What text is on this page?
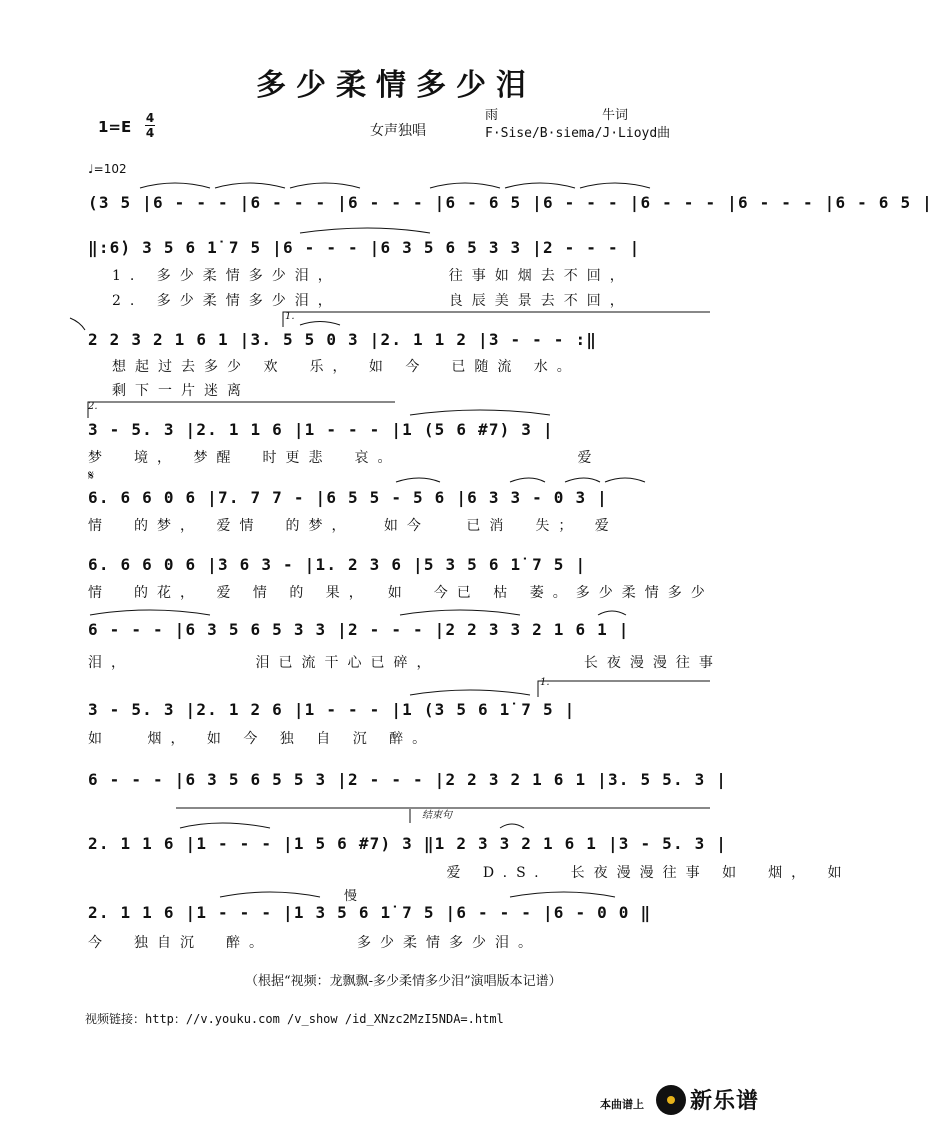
多少柔情多少泪
1=E 4
4	女声独唱
雨　　　　　　　　牛词
F·Sise/B·siema/J·Lioyd曲
♩=102
(3 5 |6 - - - |6 - - - |6 - - - |6 - 6 5 |6 - - - |6 - - - |6 - - - |6 - 6 5 |
‖:6̇) 3 5 6 1̇ 7 5 |6 - - - |6 3 5 6 5 3 3 |2 - - - |
1. 多少柔情多少泪，　　　　　往事如烟去不回，
2. 多少柔情多少泪，　　　　　良辰美景去不回，
1.
2 2 3 2 1 6 1 |3. 5 5 0 3 |2. 1 1 2 |3 - - - :‖
想起过去多少 欢　乐， 如 今　已随流 水。
剩下一片迷离
2.
3 - 5. 3 |2. 1 1 6 |1 - - - |1 (5 6 #7) 3 |
梦　境， 梦醒　时更悲　哀。　　　　　　　　爱
𝄋
6. 6 6 0 6 |7. 7 7 - |6 5 5 - 5 6 |6 3 3 - 0 3 |
情　的梦， 爱情　的梦，　 如今　 已消　失； 爱
6. 6 6 0 6 |3 6 3 - |1. 2 3 6 |5 3 5 6 1̇ 7 5 |
情　的花， 爱 情 的 果，　如　今已 枯 萎。多少柔情多少
6 - - - |6 3 5 6 5 3 3 |2 - - - |2 2 3 3 2 1 6 1 |
泪，　　　　　 泪已流干心已碎，　　　　　　 长夜漫漫往事
1.
3 - 5. 3 |2. 1 2 6 |1 - - - |1 (3 5 6 1̇ 7 5 |
如　 烟， 如 今 独 自 沉 醉。
6 - - - |6 3 5 6 5 5 3 |2 - - - |2 2 3 2 1 6 1 |3. 5 5. 3 |
结束句
2. 1 1 6 |1 - - - |1 5 6 #7) 3 ‖1 2 3 3 2 1 6 1 |3 - 5. 3 |
　　　　　　　　　　　　　　　 爱 D.S.　长夜漫漫往事 如　烟， 如
慢
2. 1 1 6 |1 - - - |1 3 5 6 1̇ 7 5 |6 - - - |6 - 0 0 ‖
今　独自沉　醉。　　　　多少柔情多少泪。
（根据“视频：龙飘飘-多少柔情多少泪”演唱版本记谱）
视频链接：http：//v.youku.com /v_show /id_XNzc2MzI5NDA=.html
本曲谱上 新乐谱
